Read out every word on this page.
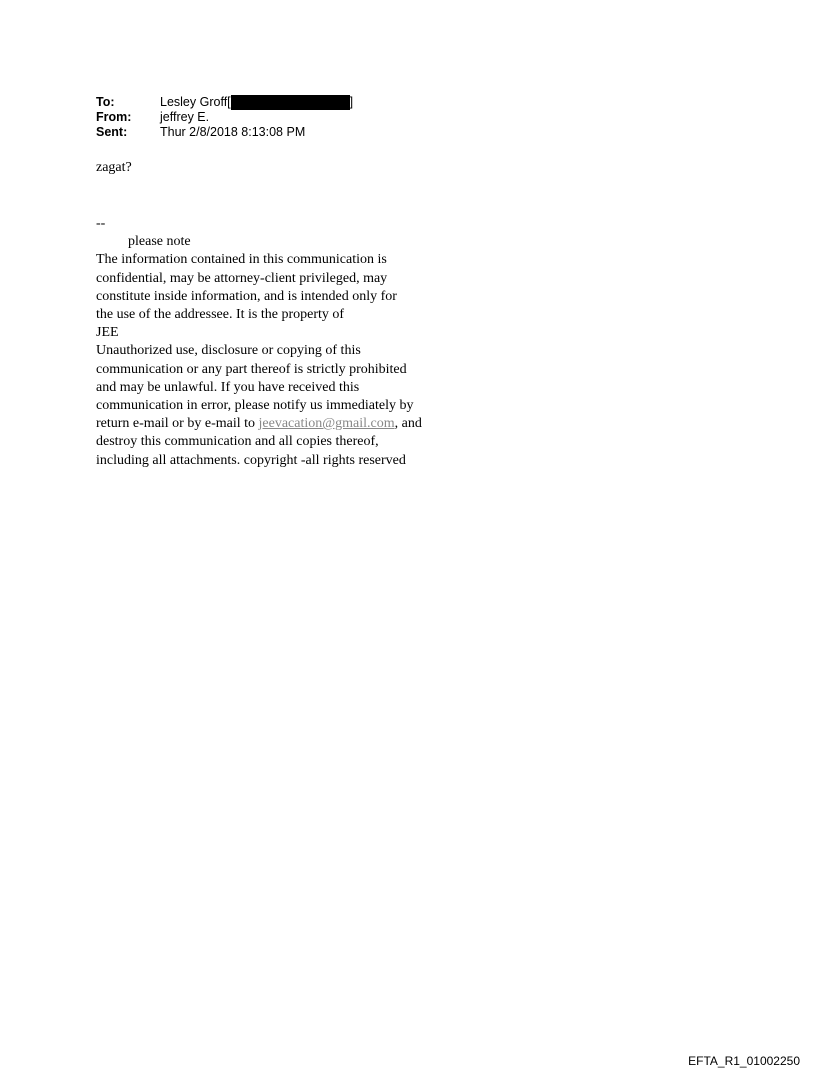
To:	Lesley Groff[	]
From:	jeffrey E.
Sent:	Thur 2/8/2018 8:13:08 PM
zagat?
--
please note
The information contained in this communication is
confidential, may be attorney-client privileged, may
constitute inside information, and is intended only for
the use of the addressee. It is the property of
JEE
Unauthorized use, disclosure or copying of this
communication or any part thereof is strictly prohibited
and may be unlawful. If you have received this
communication in error, please notify us immediately by
return e-mail or by e-mail to jeevacation@gmail.com, and
destroy this communication and all copies thereof,
including all attachments. copyright -all rights reserved
EFTA_R1_01002250
